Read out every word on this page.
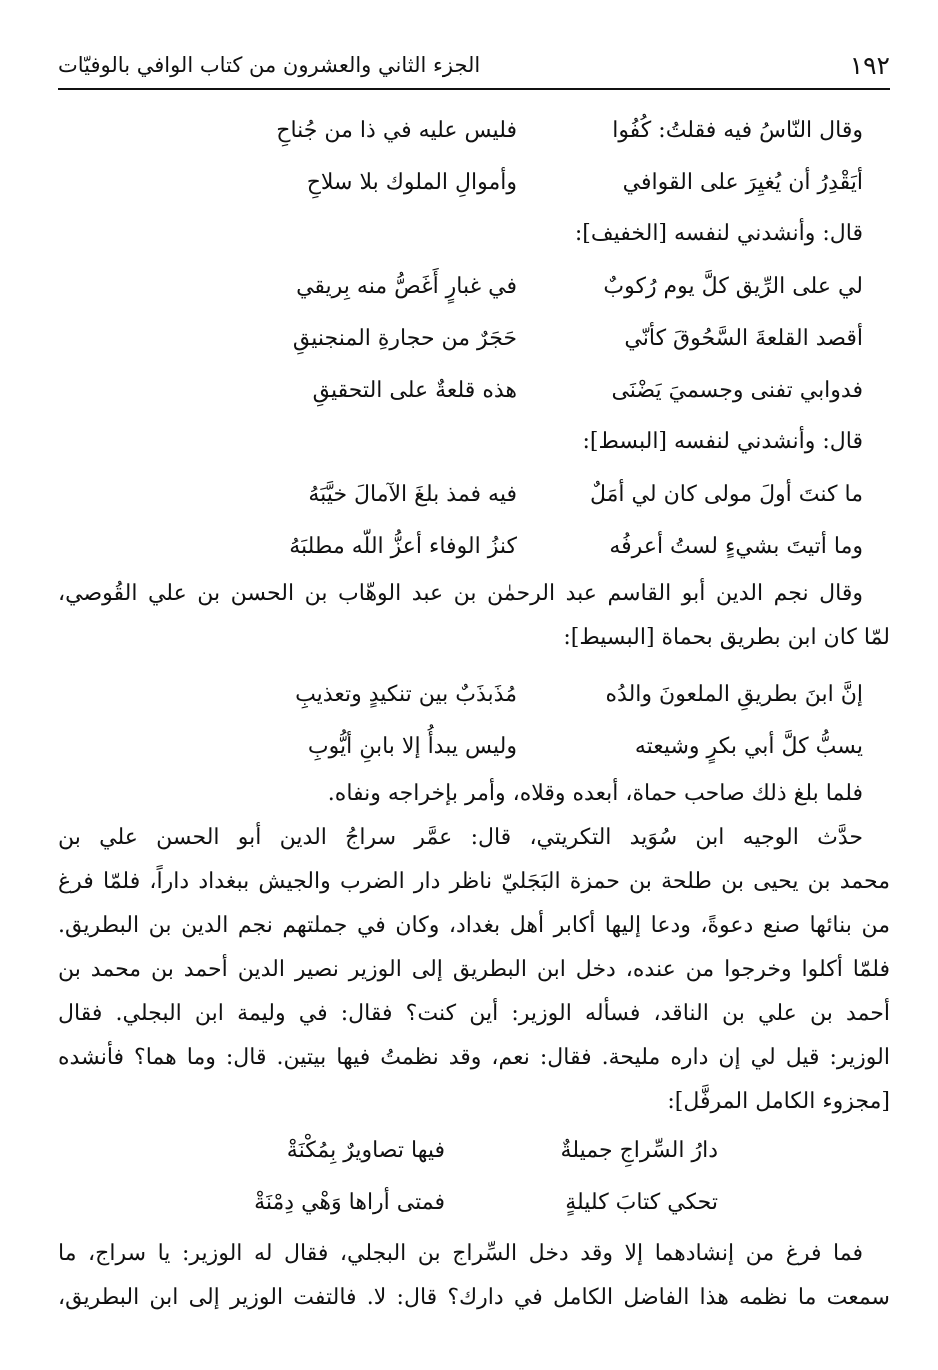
١٩٢
الجزء الثاني والعشرون من كتاب الوافي بالوفيّات
وقال النّاسُ فيه فقلتُ: كُفُوا
فليس عليه في ذا من جُناحِ
أيَقْدِرُ أن يُغيِرَ على القوافي
وأموالِ الملوك بلا سلاحِ
قال: وأنشدني لنفسه [الخفيف]:
لي على الرِّيق كلَّ يوم رُكوبٌ
في غبارٍ أَغَصُّ منه بِريقي
أقصد القلعةَ السَّحُوقَ كأنّي
حَجَرٌ من حجارةِ المنجنيقِ
فدوابي تفنى وجسميَ يَضْنَى
هذه قلعةٌ على التحقيقِ
قال: وأنشدني لنفسه [البسط]:
ما كنتَ أولَ مولى كان لي أمَلٌ
فيه فمذ بلغَ الآمالَ خيَّبَهُ
وما أتيتَ بشيءٍ لستُ أعرفُه
كنزُ الوفاء أعزُّ اللّه مطلبَهُ
وقال نجم الدين أبو القاسم عبد الرحمٰن بن عبد الوهّاب بن الحسن بن علي القُوصي،
لمّا كان ابن بطريق بحماة [البسيط]:
إنَّ ابنَ بطريقِ الملعونَ والدُه
مُذَبذَبٌ بين تنكيدٍ وتعذيبِ
يسبُّ كلَّ أبي بكرٍ وشيعته
وليس يبدأُ إلا بابنِ أيُّوبِ
فلما بلغ ذلك صاحب حماة، أبعده وقلاه، وأمر بإخراجه ونفاه.
حدَّث الوجيه ابن سُوَيد التكريتي، قال: عمَّر سراجُ الدين أبو الحسن علي بن
محمد بن يحيى بن طلحة بن حمزة البَجَليّ ناظر دار الضرب والجيش ببغداد داراً، فلمّا فرغ
من بنائها صنع دعوةً، ودعا إليها أكابر أهل بغداد، وكان في جملتهم نجم الدين بن البطريق.
فلمّا أكلوا وخرجوا من عنده، دخل ابن البطريق إلى الوزير نصير الدين أحمد بن محمد بن
أحمد بن علي بن الناقد، فسأله الوزير: أين كنت؟ فقال: في وليمة ابن البجلي. فقال
الوزير: قيل لي إن داره مليحة. فقال: نعم، وقد نظمتُ فيها بيتين. قال: وما هما؟ فأنشده
[مجزوء الكامل المرفَّل]:
دارُ السِّراجِ جميلةٌ
فيها تصاويرٌ بِمُكْنَةْ
تحكي كتابَ كليلةٍ
فمتى أراها وَهْي دِمْنَةْ
فما فرغ من إنشادهما إلا وقد دخل السِّراج بن البجلي، فقال له الوزير: يا سراج، ما
سمعت ما نظمه هذا الفاضل الكامل في دارك؟ قال: لا. فالتفت الوزير إلى ابن البطريق،
